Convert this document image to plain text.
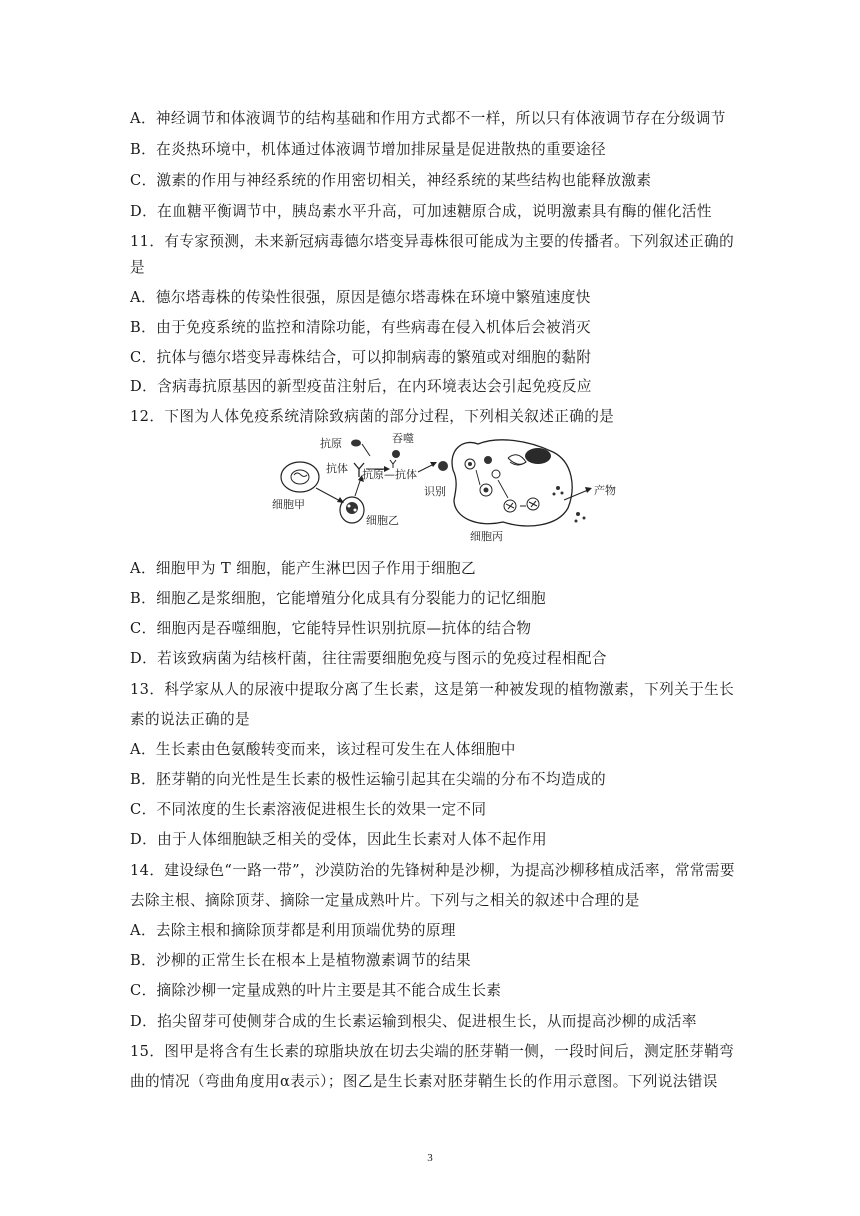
A．神经调节和体液调节的结构基础和作用方式都不一样，所以只有体液调节存在分级调节
B．在炎热环境中，机体通过体液调节增加排尿量是促进散热的重要途径
C．激素的作用与神经系统的作用密切相关，神经系统的某些结构也能释放激素
D．在血糖平衡调节中，胰岛素水平升高，可加速糖原合成，说明激素具有酶的催化活性
11．有专家预测，未来新冠病毒德尔塔变异毒株很可能成为主要的传播者。下列叙述正确的
是
A．德尔塔毒株的传染性很强，原因是德尔塔毒株在环境中繁殖速度快
B．由于免疫系统的监控和清除功能，有些病毒在侵入机体后会被消灭
C．抗体与德尔塔变异毒株结合，可以抑制病毒的繁殖或对细胞的黏附
D．含病毒抗原基因的新型疫苗注射后，在内环境表达会引起免疫反应
12．下图为人体免疫系统清除致病菌的部分过程，下列相关叙述正确的是
细胞甲
细胞乙
抗原
抗体 抗原—抗体
吞噬
识别
细胞丙
产物
A．细胞甲为 T 细胞，能产生淋巴因子作用于细胞乙
B．细胞乙是浆细胞，它能增殖分化成具有分裂能力的记忆细胞
C．细胞丙是吞噬细胞，它能特异性识别抗原—抗体的结合物
D．若该致病菌为结核杆菌，往往需要细胞免疫与图示的免疫过程相配合
13．科学家从人的尿液中提取分离了生长素，这是第一种被发现的植物激素，下列关于生长
素的说法正确的是
A．生长素由色氨酸转变而来，该过程可发生在人体细胞中
B．胚芽鞘的向光性是生长素的极性运输引起其在尖端的分布不均造成的
C．不同浓度的生长素溶液促进根生长的效果一定不同
D．由于人体细胞缺乏相关的受体，因此生长素对人体不起作用
14．建设绿色“一路一带”，沙漠防治的先锋树种是沙柳，为提高沙柳移植成活率，常常需要
去除主根、摘除顶芽、摘除一定量成熟叶片。下列与之相关的叙述中合理的是
A．去除主根和摘除顶芽都是利用顶端优势的原理
B．沙柳的正常生长在根本上是植物激素调节的结果
C．摘除沙柳一定量成熟的叶片主要是其不能合成生长素
D．掐尖留芽可使侧芽合成的生长素运输到根尖、促进根生长，从而提高沙柳的成活率
15．图甲是将含有生长素的琼脂块放在切去尖端的胚芽鞘一侧，一段时间后，测定胚芽鞘弯
曲的情况（弯曲角度用α表示）；图乙是生长素对胚芽鞘生长的作用示意图。下列说法错误
3
